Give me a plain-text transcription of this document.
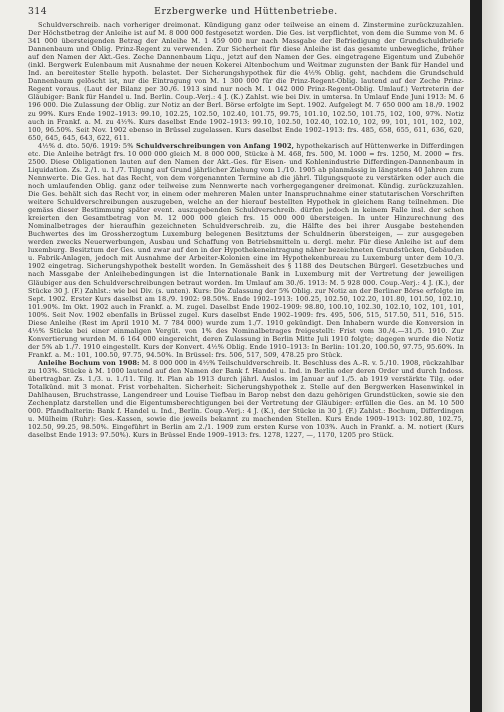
314	Erzbergwerke und Hüttenbetriebe.

Schuldverschreib. nach vorheriger dreimonat. Kündigung ganz oder teilweise an einem d. Zinstermine zurückzuzahlen. Der Höchstbetrag der Anleihe ist auf M. 8 000 000 festgesetzt worden. Die Ges. ist verpflichtet, von dem die Summe von M. 6 341 000 übersteigenden Betrag der Anleihe M. 1 459 000 nur nach Massgabe der Befriedigung der Grundschuldbriefe Dannenbaum und Oblig. Prinz-Regent zu verwenden. Zur Sicherheit für diese Anleihe ist das gesamte unbewegliche, früher auf den Namen der Akt.-Ges. Zeche Dannenbaum Liqu., jetzt auf den Namen der Ges. eingetragene Eigentum und Zubehör (inkl. Bergwerk Eulenbaum mit Ausnahme der neuen Kokerei Altenbochum und Weitmar zugunsten der Bank für Handel und Ind. an bereitester Stelle hypoth. belastet. Der Sicherungshypothek für die 4½% Oblig. geht, nachdem die Grundschuld Dannenbaum gelöscht ist, nur die Eintragung von M. 1 300 000 für die Prinz-Regent-Oblig. lautend auf der Zeche Prinz-Regent voraus. (Laut der Bilanz per 30./6. 1913 sind nur noch M. 1 042 000 Prinz-Regent-Oblig. Umlauf.) Vertreterin der Gläubiger: Bank für Handel u. Ind. Berlin. Coup.-Verj.: 4 J. (K.) Zahlst. wie bei Div. in umtersa. In Umlauf Ende Juni 1913: M. 6 196 000. Die Zulassung der Oblig. zur Notiz an der Berl. Börse erfolgte im Sept. 1902. Aufgelegt M. 7 650 000 am 18./9. 1902 zu 99%. Kurs Ende 1902–1913: 99.10, 102.25, 102.50, 102.40, 101.75, 99.75, 101.10, 102.50, 101.75, 102, 100, 97%. Notiz auch in Frankf. a. M. zu 4½%. Kurs daselbst Ende 1902–1913: 99.10, 102.50, 102.40, 102.10, 102, 99, 101, 101, 102, 102, 100, 96.50%. Seit Nov. 1902 ebenso in Brüssel zugelassen. Kurs daselbst Ende 1902–1913: frs. 485, 658, 655, 611, 636, 620, 650, 645, 645, 643, 622, 611.

4½% d. dto. 50/6. 1919: 5% Schuldverschreibungen von Anfang 1902, hypothekarisch auf Hüttenwerke in Differdingen etc. Die Anleihe beträgt frs. 10 000 000 gleich M. 8 000 000, Stücke à M. 468, frs. 500, M. 1000 = frs. 1250, M. 2000 = frs. 2500. Diese Obligationen lauten auf den Namen der Akt.-Ges. für Eisen- und Kohlenindustrie Differdingen-Dannenbaum in Liquidation. Zs. 2./1. u. 1./7. Tilgung auf Grund jährlicher Ziehung vom 1./10. 1905 ab planmässig in längstens 40 Jahren zum Nennwerte. Die Ges. hat das Recht, von dem vorgenannten Termine ab die jährl. Tilgungsquote zu verstärken oder auch die noch umlaufenden Oblig. ganz oder teilweise zum Nennwerte nach vorhergegangener dreimonat. Kündig. zurückzuzahlen. Die Ges. behält sich das Recht vor, in einem oder mehreren Malen unter Inanspruchnahme einer statutarischen Vorschriften weitere Schuldverschreibungen auszugeben, welche an der hierauf bestellten Hypothek in gleichem Rang teilnehmen. Die gemäss dieser Bestimmung später event. auszugebenden Schuldverschreib. dürfen jedoch in keinem Falle insl. der schon kreierten den Gesamtbetrag von M. 12 000 000 gleich frs. 15 000 000 übersteigen. In unter Hinzurechnung des Nominalbetrages der hieraufhin gezeichneten Schuldverschreib. zu, die Hälfte des bei ihrer Ausgabe bestehenden Buchwertes des im Grossherzogtum Luxemburg belegenen Besitztums der Schuldnerin übersteigen, — zur ausgegeben werden zwecks Neuerwerbungen, Ausbau und Schaffung von Betriebsmitteln u. dergl. mehr. Für diese Anleihe ist auf dem luxemburg. Besitztum der Ges. und zwar auf den in der Hypothekeneintragung näher bezeichneten Grundstücken, Gebäuden u. Fabrik-Anlagen, jedoch mit Ausnahme der Arbeiter-Kolonien eine im Hypothekenbureau zu Luxemburg unter dem 10./3. 1902 eingetrag. Sicherungshypothek bestellt worden. In Gemässheit des § 1188 des Deutschen Bürgerl. Gesetzbuches und nach Massgabe der Anleihebedingungen ist die Internationale Bank in Luxemburg mit der Vertretung der jeweiligen Gläubiger aus den Schuldverschreibungen betraut worden. Im Umlauf am 30./6. 1913: M. 5 928 000. Coup.-Verj.: 4 J. (K.), der Stücke 30 J. (F.) Zahlst.: wie bei Div. (s. unten). Kurs: Die Zulassung der 5% Oblig. zur Notiz an der Berliner Börse erfolgte im Sept. 1902. Erster Kurs daselbst am 18./9. 1902: 98.50%. Ende 1902–1913: 100.25, 102.50, 102.20, 101.80, 101.50, 102.10, 101.90%. Im Okt. 1902 auch in Frankf. a. M. zugel. Daselbst Ende 1902–1909: 98.80, 100.10, 102.30, 102.10, 102, 101, 101, 100%. Seit Nov. 1902 ebenfalls in Brüssel zugel. Kurs daselbst Ende 1902–1909: frs. 495, 506, 515, 517.50, 511, 516, 515. Diese Anleihe (Rest im April 1910 M. 7 784 000) wurde zum 1./7. 1910 gekündigt. Den Inhabern wurde die Konversion in 4½% Stücke bei einer einmaligen Vergüt. von 1% des Nominalbetrages freigestellt: Frist vom 30./4.—31./5. 1910. Zur Konvertierung wurden M. 6 164 000 eingereicht, deren Zulassung in Berlin Mitte Juli 1910 folgte; dagegen wurde die Notiz der 5% ab 1./7. 1910 eingestellt. Kurs der Konvert. 4½% Oblig. Ende 1910–1913: In Berlin: 101.20, 100.50, 97.75, 95.60%. In Frankf. a. M.: 101, 100.50, 97.75, 94.50%. In Brüssel: frs. 506, 517, 509, 478.25 pro Stück.

Anleihe Bochum von 1908: M. 8 000 000 in 4½% Teilschuldverschreib. lt. Beschluss des A.-R. v. 5./10. 1908, rückzahlbar zu 103%. Stücke à M. 1000 lautend auf den Namen der Bank f. Handel u. Ind. in Berlin oder deren Order und durch Indoss. übertragbar. Zs. 1./3. u. 1./11. Tilg. lt. Plan ab 1913 durch jährl. Auslos. im Januar auf 1./5. ab 1919 verstärkte Tilg. oder Totalkünd. mit 3 monat. Frist vorbehalten. Sicherheit: Sicherungshypothek z. Stelle auf den Bergwerken Hasenwinkel in Dahlhausen, Bruchstrasse, Langendreer und Louise Tiefbau in Barop nebst den dazu gehörigen Grundstücken, sowie sie den Zechenplatz darstellen und die Eigentumsberechtigungen bei der Vertretung der Gläubiger: erfüllen die Ges. an M. 10 500 000. Pfandhalterin: Bank f. Handel u. Ind., Berlin. Coup.-Verj.: 4 J. (K.), der Stücke in 30 J. (F.) Zahlst.: Bochum, Differdingen u. Mülheim (Ruhr): Ges.-Kassen, sowie die jeweils bekannt zu machenden Stellen. Kurs Ende 1909–1913: 102.80, 102.75, 102.50, 99.25, 98.50%. Eingeführt in Berlin am 2./1. 1909 zum ersten Kurse von 103%. Auch in Frankf. a. M. notiert (Kurs daselbst Ende 1913: 97.50%). Kurs in Brüssel Ende 1909–1913: frs. 1278, 1227, —, 1170, 1205 pro Stück.
